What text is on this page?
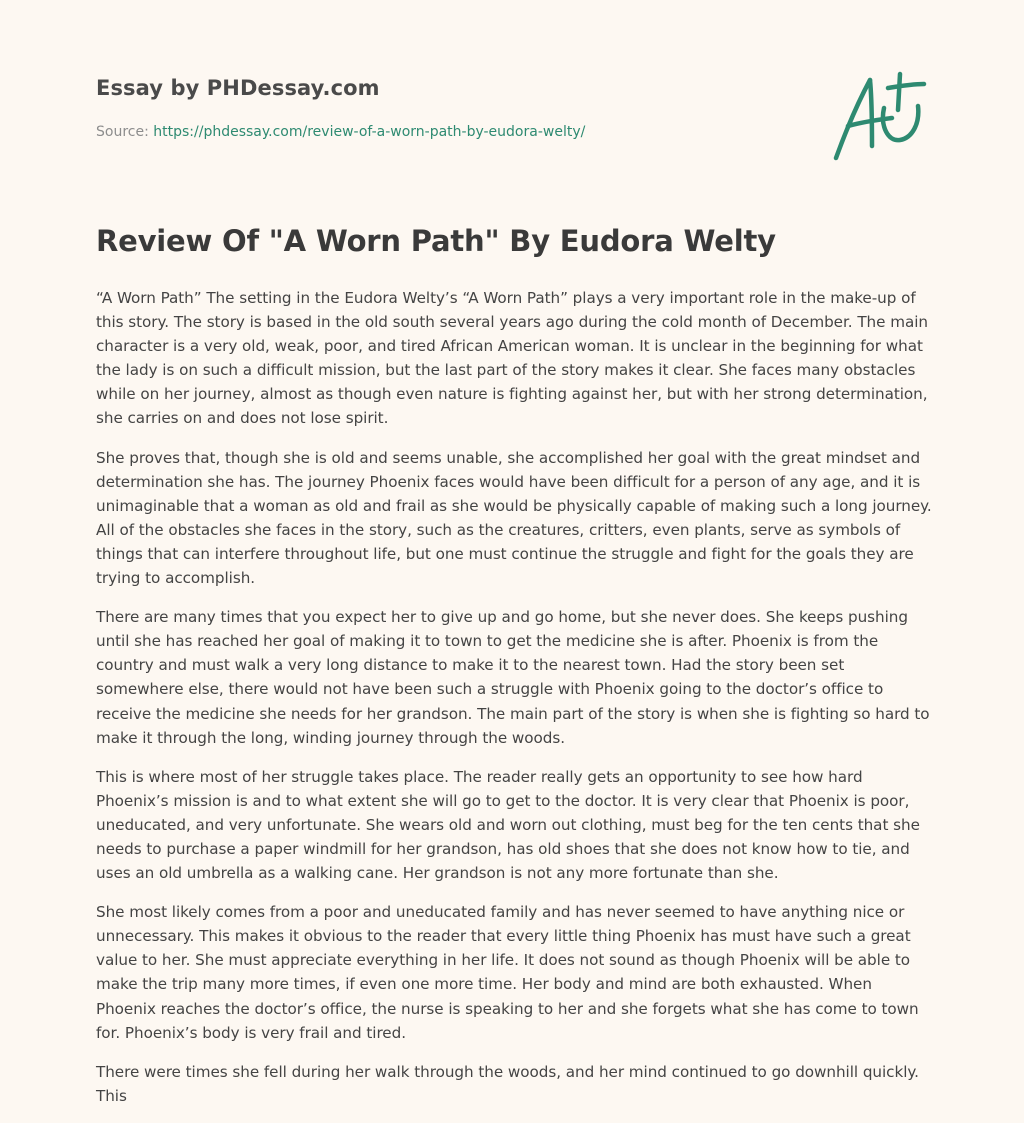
Essay by PHDessay.com

Source: https://phdessay.com/review-of-a-worn-path-by-eudora-welty/

Review Of "A Worn Path" By Eudora Welty

“A Worn Path” The setting in the Eudora Welty’s “A Worn Path” plays a very important role in the make-up of this story. The story is based in the old south several years ago during the cold month of December. The main character is a very old, weak, poor, and tired African American woman. It is unclear in the beginning for what the lady is on such a difficult mission, but the last part of the story makes it clear. She faces many obstacles while on her journey, almost as though even nature is fighting against her, but with her strong determination, she carries on and does not lose spirit.

She proves that, though she is old and seems unable, she accomplished her goal with the great mindset and determination she has. The journey Phoenix faces would have been difficult for a person of any age, and it is unimaginable that a woman as old and frail as she would be physically capable of making such a long journey. All of the obstacles she faces in the story, such as the creatures, critters, even plants, serve as symbols of things that can interfere throughout life, but one must continue the struggle and fight for the goals they are trying to accomplish.

There are many times that you expect her to give up and go home, but she never does. She keeps pushing until she has reached her goal of making it to town to get the medicine she is after. Phoenix is from the country and must walk a very long distance to make it to the nearest town. Had the story been set somewhere else, there would not have been such a struggle with Phoenix going to the doctor’s office to receive the medicine she needs for her grandson. The main part of the story is when she is fighting so hard to make it through the long, winding journey through the woods.

This is where most of her struggle takes place. The reader really gets an opportunity to see how hard Phoenix’s mission is and to what extent she will go to get to the doctor. It is very clear that Phoenix is poor, uneducated, and very unfortunate. She wears old and worn out clothing, must beg for the ten cents that she needs to purchase a paper windmill for her grandson, has old shoes that she does not know how to tie, and uses an old umbrella as a walking cane. Her grandson is not any more fortunate than she.

She most likely comes from a poor and uneducated family and has never seemed to have anything nice or unnecessary. This makes it obvious to the reader that every little thing Phoenix has must have such a great value to her. She must appreciate everything in her life. It does not sound as though Phoenix will be able to make the trip many more times, if even one more time. Her body and mind are both exhausted. When Phoenix reaches the doctor’s office, the nurse is speaking to her and she forgets what she has come to town for. Phoenix’s body is very frail and tired.

There were times she fell during her walk through the woods, and her mind continued to go downhill quickly. This
